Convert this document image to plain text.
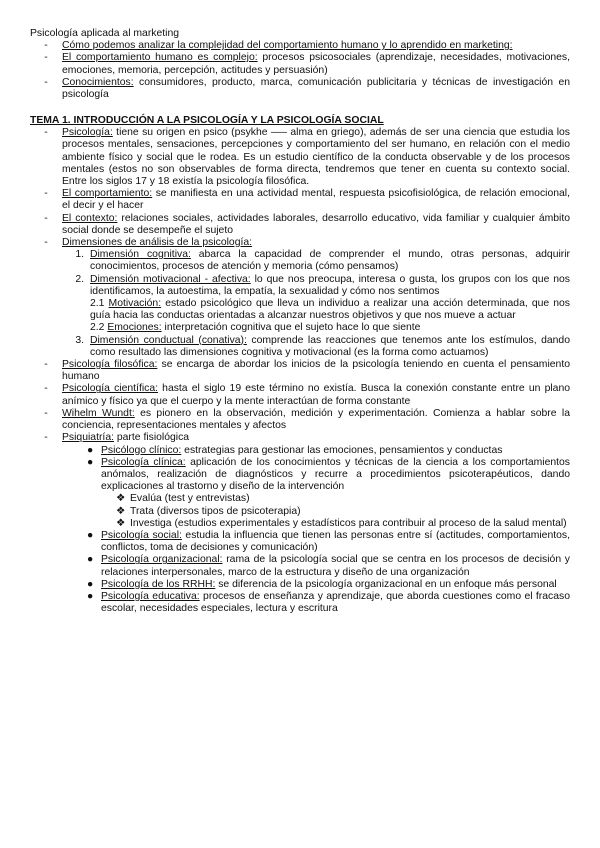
Psicología aplicada al marketing

-	Cómo podemos analizar la complejidad del comportamiento humano y lo aprendido en marketing:
-	El comportamiento humano es complejo: procesos psicosociales (aprendizaje, necesidades, motivaciones, emociones, memoria, percepción, actitudes y persuasión)
-	Conocimientos: consumidores, producto, marca, comunicación publicitaria y técnicas de investigación en psicología

TEMA 1. INTRODUCCIÓN A LA PSICOLOGÍA Y LA PSICOLOGÍA SOCIAL

-	Psicología: tiene su origen en psico (psykhe —– alma en griego), además de ser una ciencia que estudia los procesos mentales, sensaciones, percepciones y comportamiento del ser humano, en relación con el medio ambiente físico y social que le rodea. Es un estudio científico de la conducta observable y de los procesos mentales (estos no son observables de forma directa, tendremos que tener en cuenta su contexto social. Entre los siglos 17 y 18 existía la psicología filosófica.
-	El comportamiento: se manifiesta en una actividad mental, respuesta psicofisiológica, de relación emocional, el decir y el hacer
-	El contexto: relaciones sociales, actividades laborales, desarrollo educativo, vida familiar y cualquier ámbito social donde se desempeñe el sujeto
-	Dimensiones de análisis de la psicología:
1. Dimensión cognitiva: abarca la capacidad de comprender el mundo, otras personas, adquirir conocimientos, procesos de atención y memoria (cómo pensamos)
2. Dimensión motivacional - afectiva: lo que nos preocupa, interesa o gusta, los grupos con los que nos identificamos, la autoestima, la empatía, la sexualidad y cómo nos sentimos
2.1 Motivación: estado psicológico que lleva un individuo a realizar una acción determinada, que nos guía hacia las conductas orientadas a alcanzar nuestros objetivos y que nos mueve a actuar
2.2 Emociones: interpretación cognitiva que el sujeto hace lo que siente
3. Dimensión conductual (conativa): comprende las reacciones que tenemos ante los estímulos, dando como resultado las dimensiones cognitiva y motivacional (es la forma como actuamos)
-	Psicología filosófica: se encarga de abordar los inicios de la psicología teniendo en cuenta el pensamiento humano
-	Psicología científica: hasta el siglo 19 este término no existía. Busca la conexión constante entre un plano anímico y físico ya que el cuerpo y la mente interactúan de forma constante
-	Wihelm Wundt: es pionero en la observación, medición y experimentación. Comienza a hablar sobre la conciencia, representaciones mentales y afectos
-	Psiquiatría: parte fisiológica
● Psicólogo clínico: estrategias para gestionar las emociones, pensamientos y conductas
● Psicología clínica: aplicación de los conocimientos y técnicas de la ciencia a los comportamientos anómalos, realización de diagnósticos y recurre a procedimientos psicoterapéuticos, dando explicaciones al trastorno y diseño de la intervención
❖ Evalúa (test y entrevistas)
❖ Trata (diversos tipos de psicoterapia)
❖ Investiga (estudios experimentales y estadísticos para contribuir al proceso de la salud mental)
● Psicología social: estudia la influencia que tienen las personas entre sí (actitudes, comportamientos, conflictos, toma de decisiones y comunicación)
● Psicología organizacional: rama de la psicología social que se centra en los procesos de decisión y relaciones interpersonales, marco de la estructura y diseño de una organización
● Psicología de los RRHH: se diferencia de la psicología organizacional en un enfoque más personal
● Psicología educativa: procesos de enseñanza y aprendizaje, que aborda cuestiones como el fracaso escolar, necesidades especiales, lectura y escritura
